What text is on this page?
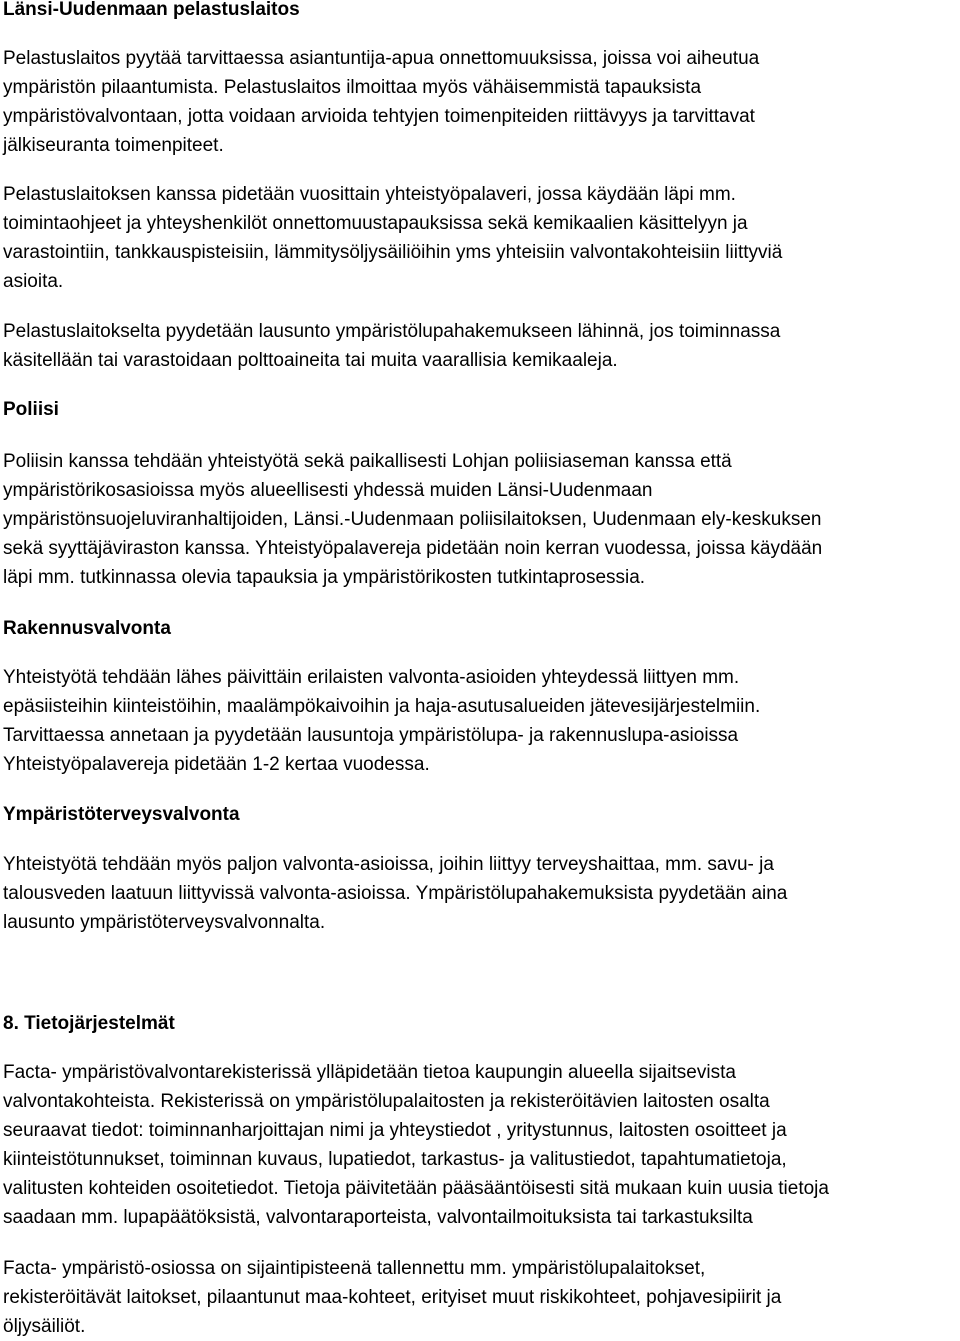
Länsi-Uudenmaan pelastuslaitos
Pelastuslaitos pyytää tarvittaessa asiantuntija-apua onnettomuuksissa, joissa voi aiheutua
ympäristön pilaantumista. Pelastuslaitos ilmoittaa myös vähäisemmistä tapauksista
ympäristövalvontaan, jotta voidaan arvioida tehtyjen toimenpiteiden riittävyys ja tarvittavat
jälkiseuranta toimenpiteet.
Pelastuslaitoksen kanssa pidetään vuosittain yhteistyöpalaveri, jossa käydään läpi mm.
toimintaohjeet ja yhteyshenkilöt onnettomuustapauksissa sekä kemikaalien käsittelyyn ja
varastointiin, tankkauspisteisiin, lämmitysöljysäiliöihin yms yhteisiin valvontakohteisiin liittyviä
asioita.
Pelastuslaitokselta pyydetään lausunto ympäristölupahakemukseen lähinnä, jos toiminnassa
käsitellään tai varastoidaan polttoaineita tai muita vaarallisia kemikaaleja.
Poliisi
Poliisin kanssa tehdään yhteistyötä sekä paikallisesti Lohjan poliisiaseman kanssa että
ympäristörikosasioissa myös alueellisesti yhdessä muiden Länsi-Uudenmaan
ympäristönsuojeluviranhaltijoiden, Länsi.-Uudenmaan poliisilaitoksen, Uudenmaan ely-keskuksen
sekä syyttäjäviraston kanssa. Yhteistyöpalavereja pidetään noin kerran vuodessa, joissa käydään
läpi mm. tutkinnassa olevia tapauksia ja ympäristörikosten tutkintaprosessia.
Rakennusvalvonta
Yhteistyötä tehdään lähes päivittäin erilaisten valvonta-asioiden yhteydessä liittyen mm.
epäsiisteihin kiinteistöihin, maalämpökaivoihin ja haja-asutusalueiden jätevesijärjestelmiin.
Tarvittaessa annetaan ja pyydetään lausuntoja ympäristölupa- ja rakennuslupa-asioissa
Yhteistyöpalavereja pidetään 1-2 kertaa vuodessa.
Ympäristöterveysvalvonta
Yhteistyötä tehdään myös paljon valvonta-asioissa, joihin liittyy terveyshaittaa, mm. savu- ja
talousveden laatuun liittyvissä valvonta-asioissa. Ympäristölupahakemuksista pyydetään aina
lausunto ympäristöterveysvalvonnalta.
8. Tietojärjestelmät
Facta- ympäristövalvontarekisterissä ylläpidetään tietoa kaupungin alueella sijaitsevista
valvontakohteista. Rekisterissä on ympäristölupalaitosten ja rekisteröitävien laitosten osalta
seuraavat tiedot: toiminnanharjoittajan nimi ja yhteystiedot , yritystunnus, laitosten osoitteet ja
kiinteistötunnukset, toiminnan kuvaus, lupatiedot, tarkastus- ja valitustiedot, tapahtumatietoja,
valitusten kohteiden osoitetiedot. Tietoja päivitetään pääsääntöisesti sitä mukaan kuin uusia tietoja
saadaan mm. lupapäätöksistä, valvontaraporteista, valvontailmoituksista tai tarkastuksilta
Facta- ympäristö-osiossa on sijaintipisteenä tallennettu mm. ympäristölupalaitokset,
rekisteröitävät laitokset, pilaantunut maa-kohteet, erityiset muut riskikohteet, pohjavesipiirit ja
öljysäiliöt.
